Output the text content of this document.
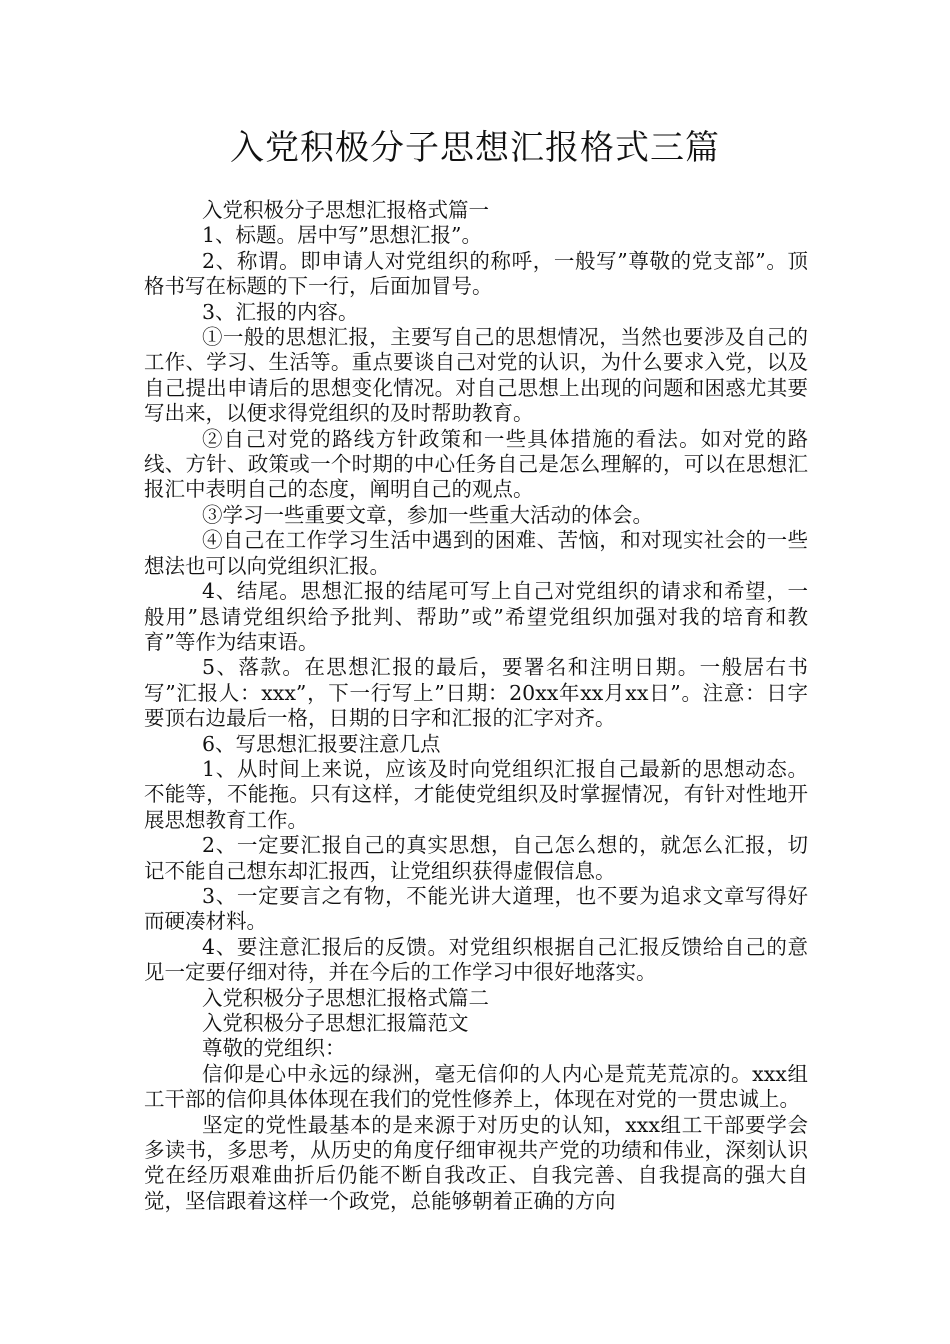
入党积极分子思想汇报格式三篇

入党积极分子思想汇报格式篇一

1、标题。居中写”思想汇报”。

2、称谓。即申请人对党组织的称呼，一般写”尊敬的党支部”。顶格书写在标题的下一行，后面加冒号。

3、汇报的内容。

①一般的思想汇报，主要写自己的思想情况，当然也要涉及自己的工作、学习、生活等。重点要谈自己对党的认识，为什么要求入党，以及自己提出申请后的思想变化情况。对自己思想上出现的问题和困惑尤其要写出来，以便求得党组织的及时帮助教育。

②自己对党的路线方针政策和一些具体措施的看法。如对党的路线、方针、政策或一个时期的中心任务自己是怎么理解的，可以在思想汇报汇中表明自己的态度，阐明自己的观点。

③学习一些重要文章，参加一些重大活动的体会。

④自己在工作学习生活中遇到的困难、苦恼，和对现实社会的一些想法也可以向党组织汇报。

4、结尾。思想汇报的结尾可写上自己对党组织的请求和希望，一般用”恳请党组织给予批判、帮助”或”希望党组织加强对我的培育和教育”等作为结束语。

5、落款。在思想汇报的最后，要署名和注明日期。一般居右书写”汇报人：xxx”，下一行写上”日期：20xx年xx月xx日”。注意：日字要顶右边最后一格，日期的日字和汇报的汇字对齐。

6、写思想汇报要注意几点

1、从时间上来说，应该及时向党组织汇报自己最新的思想动态。不能等，不能拖。只有这样，才能使党组织及时掌握情况，有针对性地开展思想教育工作。

2、一定要汇报自己的真实思想，自己怎么想的，就怎么汇报，切记不能自己想东却汇报西，让党组织获得虚假信息。

3、一定要言之有物，不能光讲大道理，也不要为追求文章写得好而硬凑材料。

4、要注意汇报后的反馈。对党组织根据自己汇报反馈给自己的意见一定要仔细对待，并在今后的工作学习中很好地落实。

入党积极分子思想汇报格式篇二

入党积极分子思想汇报篇范文

尊敬的党组织：

信仰是心中永远的绿洲，毫无信仰的人内心是荒芜荒凉的。xxx组工干部的信仰具体体现在我们的党性修养上，体现在对党的一贯忠诚上。

坚定的党性最基本的是来源于对历史的认知，xxx组工干部要学会多读书，多思考，从历史的角度仔细审视共产党的功绩和伟业，深刻认识党在经历艰难曲折后仍能不断自我改正、自我完善、自我提高的强大自觉，坚信跟着这样一个政党，总能够朝着正确的方向
